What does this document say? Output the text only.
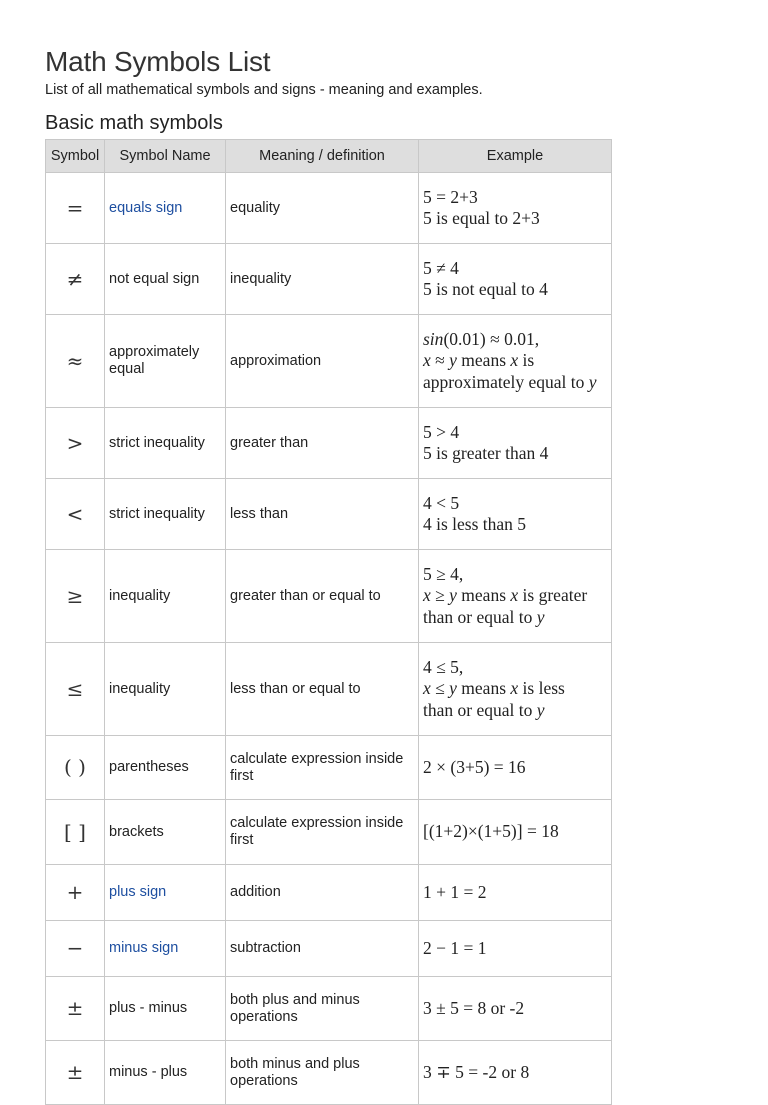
Math Symbols List

List of all mathematical symbols and signs - meaning and examples.

Basic math symbols
Symbol	Symbol Name	Meaning / definition	Example
=	equals sign	equality	5 = 2+3
5 is equal to 2+3

≠	not equal sign	inequality	5 ≠ 4
5 is not equal to 4

≈	approximately equal	approximation	sin(0.01) ≈ 0.01,
x ≈ y means x is
approximately equal to y

>	strict inequality	greater than	5 > 4
5 is greater than 4

<	strict inequality	less than	4 < 5
4 is less than 5

≥	inequality	greater than or equal to	5 ≥ 4,
x ≥ y means x is greater
than or equal to y

≤	inequality	less than or equal to	4 ≤ 5,
x ≤ y means x is less
than or equal to y

( )	parentheses	calculate expression inside first	2 × (3+5) = 16

[ ]	brackets	calculate expression inside first	[(1+2)×(1+5)] = 18

+	plus sign	addition	1 + 1 = 2

−	minus sign	subtraction	2 − 1 = 1

±	plus - minus	both plus and minus operations	3 ± 5 = 8 or -2

±	minus - plus	both minus and plus operations	3 ∓ 5 = -2 or 8
